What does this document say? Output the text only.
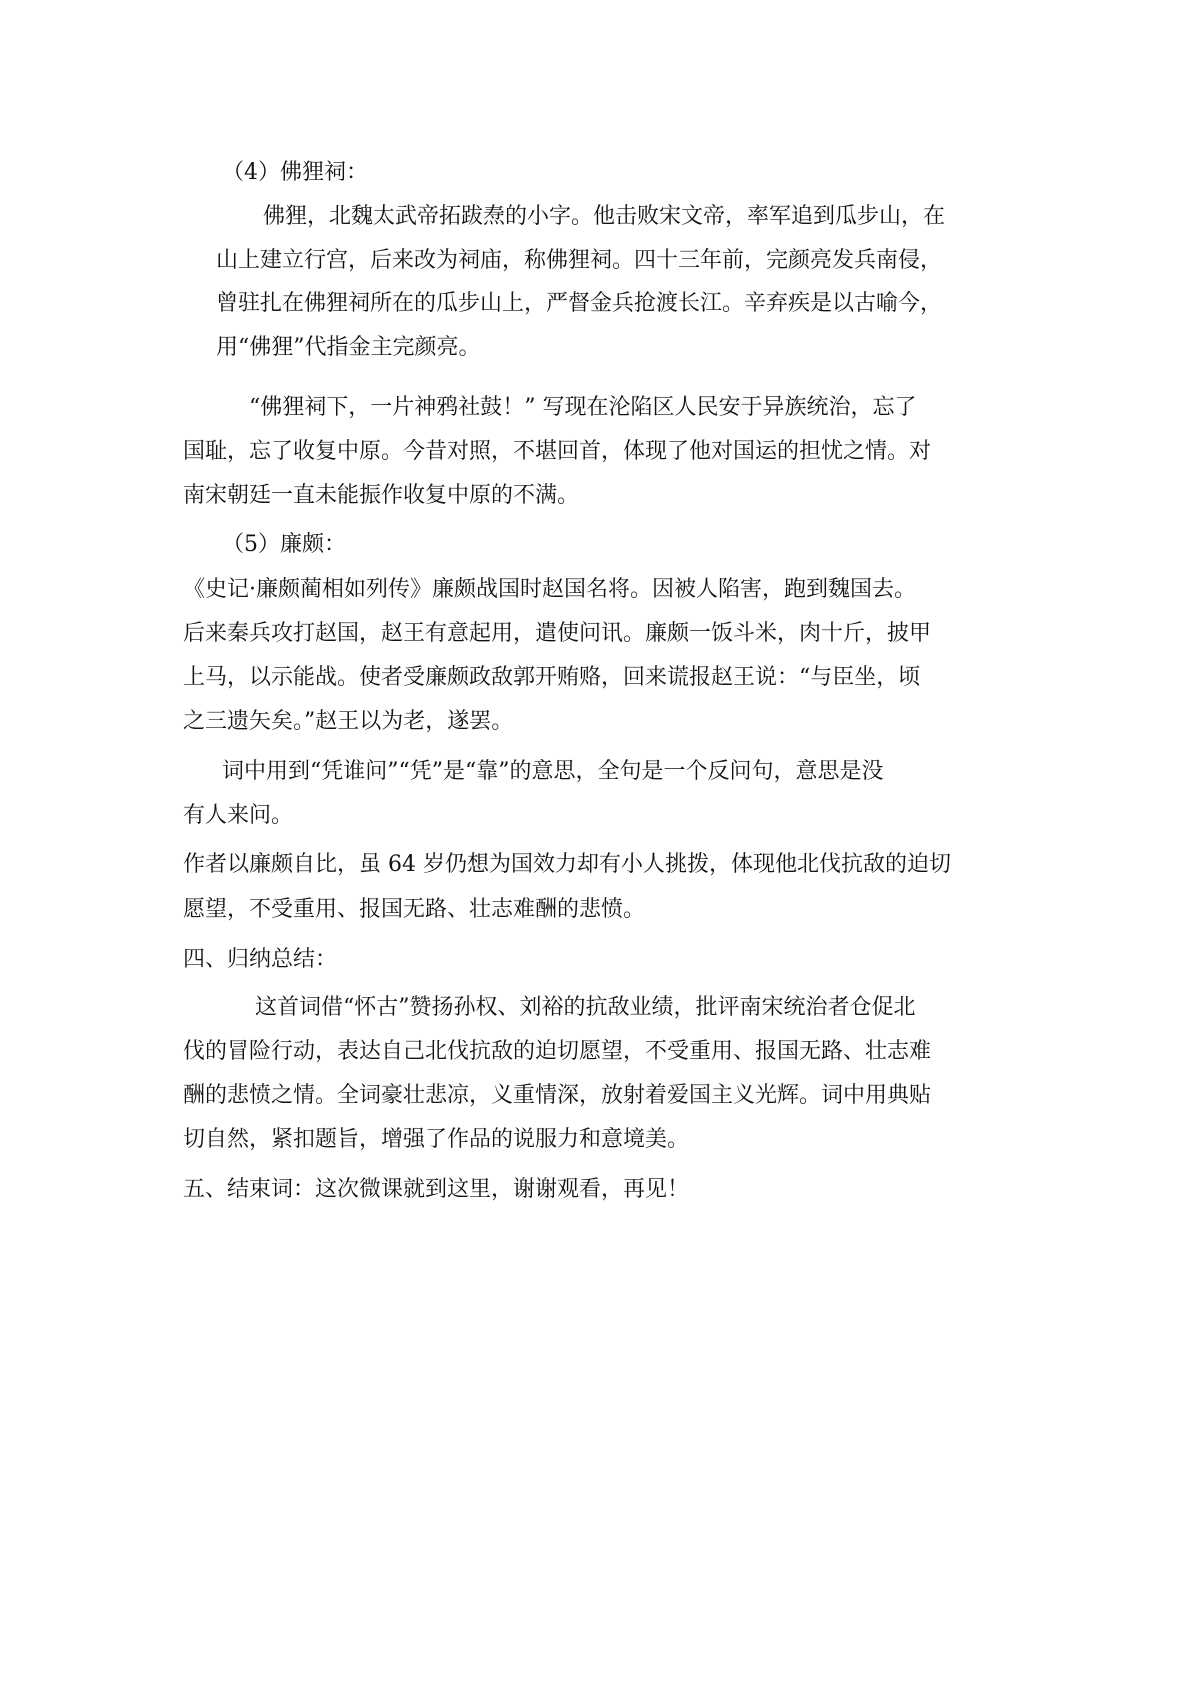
（4）佛狸祠：

佛狸，北魏太武帝拓跋焘的小字。他击败宋文帝，率军追到瓜步山，在

山上建立行宫，后来改为祠庙，称佛狸祠。四十三年前，完颜亮发兵南侵，

曾驻扎在佛狸祠所在的瓜步山上，严督金兵抢渡长江。辛弃疾是以古喻今，

用“佛狸”代指金主完颜亮。

“佛狸祠下，一片神鸦社鼓！” 写现在沦陷区人民安于异族统治，忘了

国耻，忘了收复中原。今昔对照，不堪回首，体现了他对国运的担忧之情。对

南宋朝廷一直未能振作收复中原的不满。

（5）廉颇：

《史记·廉颇蔺相如列传》廉颇战国时赵国名将。因被人陷害，跑到魏国去。

后来秦兵攻打赵国，赵王有意起用，遣使问讯。廉颇一饭斗米，肉十斤，披甲

上马，以示能战。使者受廉颇政敌郭开贿赂，回来谎报赵王说：“与臣坐，顷

之三遗矢矣。”赵王以为老，遂罢。

词中用到“凭谁问”“凭”是“靠”的意思，全句是一个反问句，意思是没

有人来问。

作者以廉颇自比，虽 64 岁仍想为国效力却有小人挑拨，体现他北伐抗敌的迫切

愿望，不受重用、报国无路、壮志难酬的悲愤。

四、归纳总结：

这首词借“怀古”赞扬孙权、刘裕的抗敌业绩，批评南宋统治者仓促北

伐的冒险行动，表达自己北伐抗敌的迫切愿望，不受重用、报国无路、壮志难

酬的悲愤之情。全词豪壮悲凉，义重情深，放射着爱国主义光辉。词中用典贴

切自然，紧扣题旨，增强了作品的说服力和意境美。

五、结束词：这次微课就到这里，谢谢观看，再见！
